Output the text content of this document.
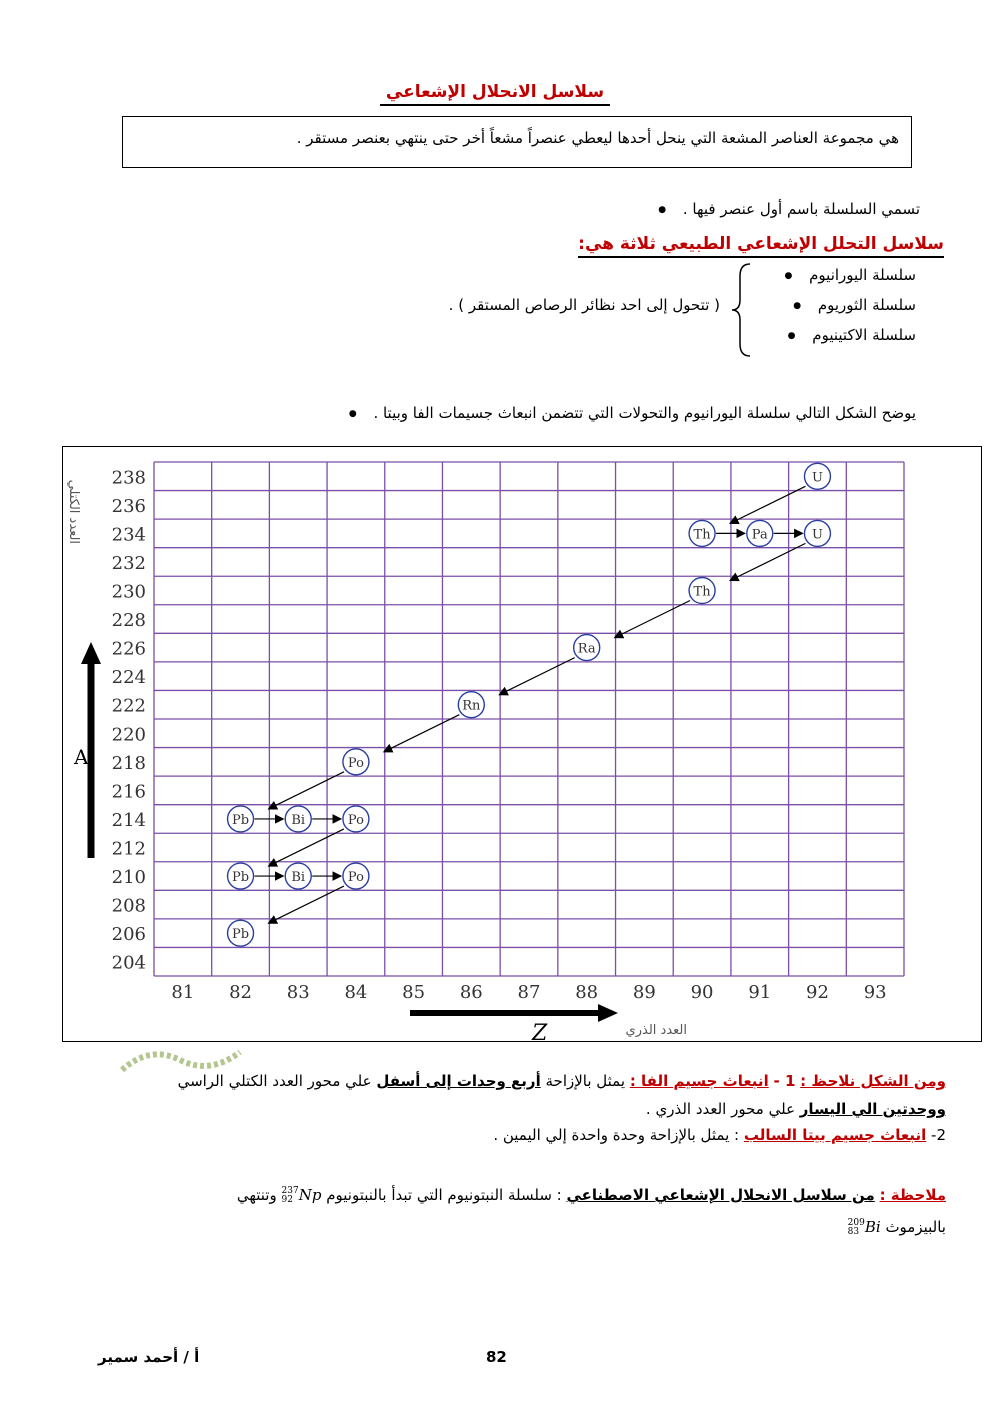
سلاسل الانحلال الإشعاعي
هي مجموعة العناصر المشعة التي ينحل أحدها ليعطي عنصراً مشعاً أخر حتى ينتهي بعنصر مستقر .
تسمي السلسلة باسم أول عنصر فيها . ●
سلاسل التحلل الإشعاعي الطبيعي ثلاثة هي:
سلسلة اليورانيوم ●
سلسلة الثوريوم ●
سلسلة الاكتينيوم ●
( تتحول إلى احد نظائر الرصاص المستقر ) .
يوضح الشكل التالي سلسلة اليورانيوم والتحولات التي تتضمن انبعاث جسيمات الفا وبيتا . ●
238
236
234
232
230
228
226
224
222
220
218
216
214
212
210
208
206
204
81 82 83 84 85 86 87 88 89 90 91 92 93
U
Th	Pa	U
Th
Ra
Rn
Po
Pb	Bi	Po
Pb	Bi	Po
Pb
A
العدد الكتلي
Z	العدد الذري
ومن الشكل نلاحظ : 1 - انبعاث جسيم الفا : يمثل بالإزاحة أربع وحدات إلى أسفل علي محور العدد الكتلي الراسي
ووحدتين الي اليسار علي محور العدد الذري .
2- انبعاث جسيم بيتا السالب : يمثل بالإزاحة وحدة واحدة إلي اليمين .
ملاحظة : من سلاسل الانحلال الإشعاعي الاصطناعي : سلسلة النبتونيوم التي تبدأ بالنبتونيوم
237
92 Np وتنتهي
بالبيزموث
209
83 Bi
82
أ / أحمد سمير
